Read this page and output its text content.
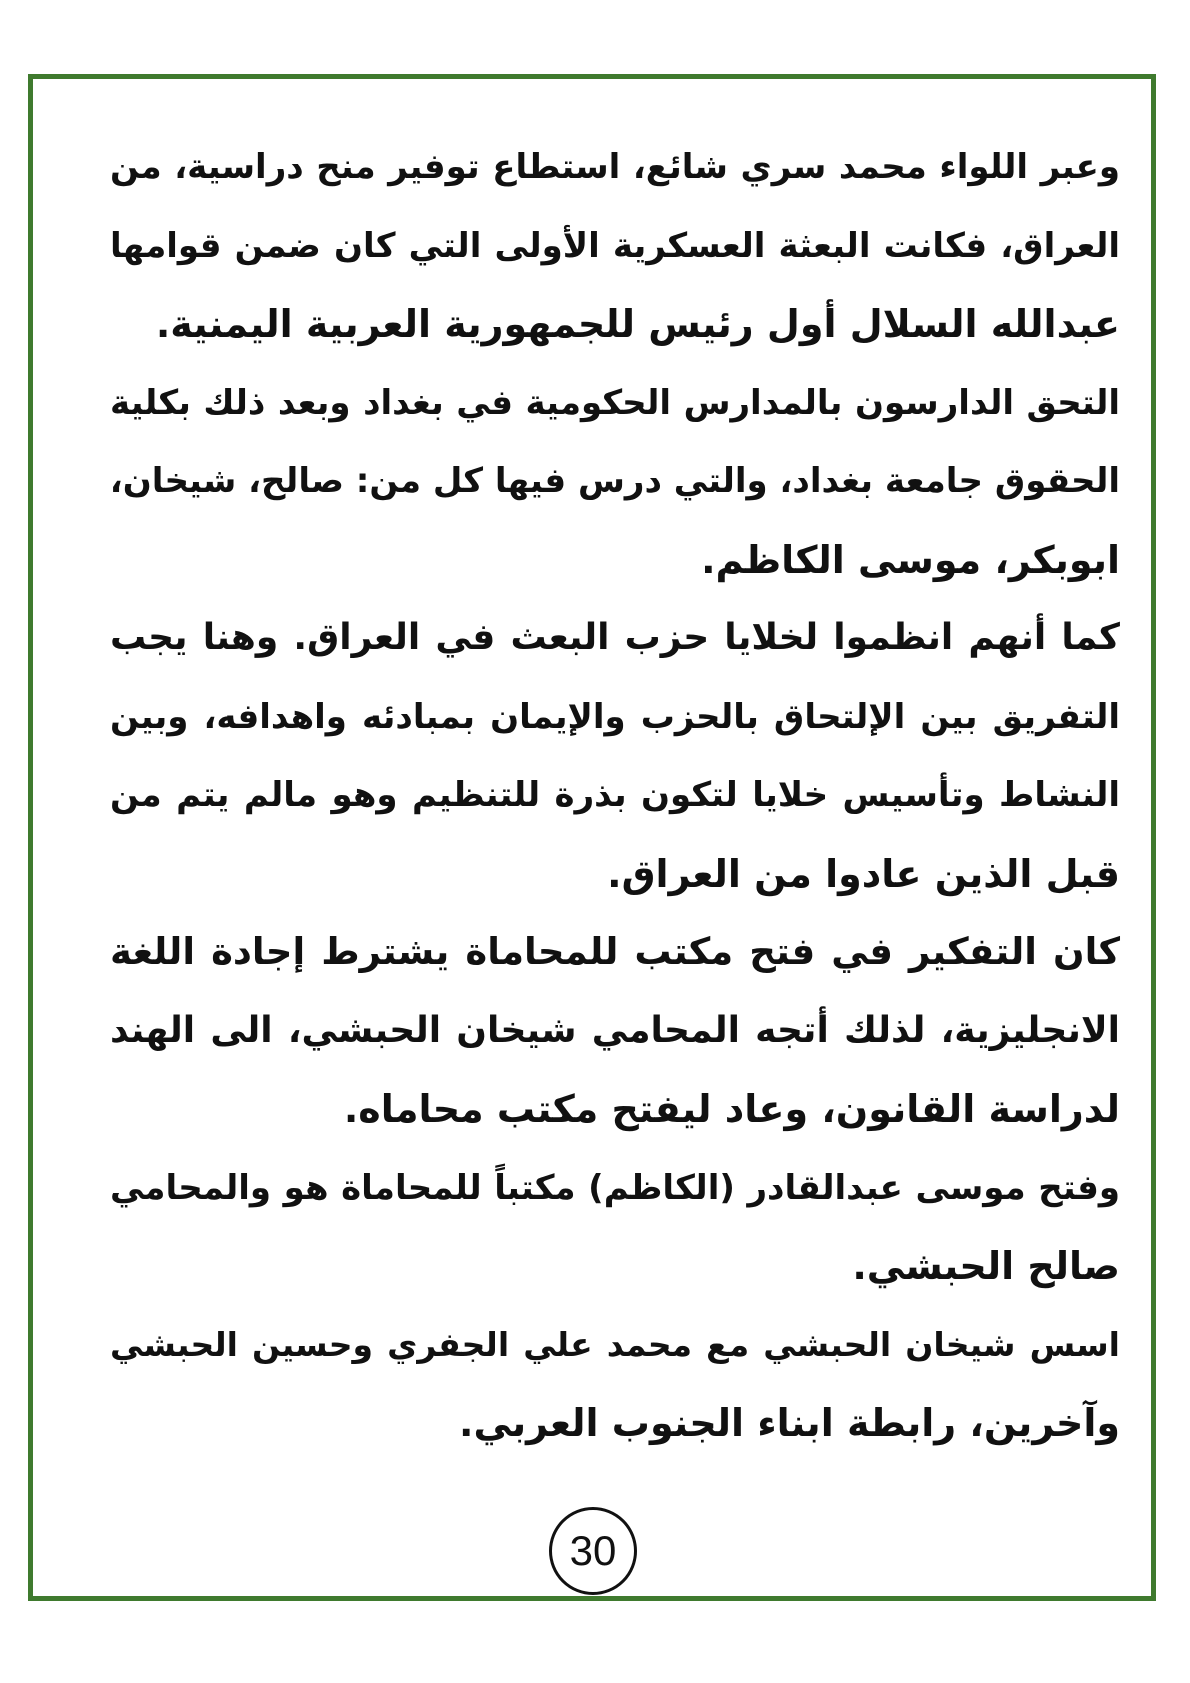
وعبر اللواء محمد سري شائع، استطاع توفير منح دراسية، من
العراق، فكانت البعثة العسكرية الأولى التي كان ضمن قوامها
عبدالله السلال أول رئيس للجمهورية العربية اليمنية.
التحق الدارسون بالمدارس الحكومية في بغداد وبعد ذلك بكلية
الحقوق جامعة بغداد، والتي درس فيها كل من: صالح، شيخان،
ابوبكر، موسى الكاظم.
كما أنهم انظموا لخلايا حزب البعث في العراق. وهنا يجب
التفريق بين الإلتحاق بالحزب والإيمان بمبادئه واهدافه، وبين
النشاط وتأسيس خلايا لتكون بذرة للتنظيم وهو مالم يتم من
قبل الذين عادوا من العراق.
كان التفكير في فتح مكتب للمحاماة يشترط إجادة اللغة
الانجليزية، لذلك أتجه المحامي شيخان الحبشي، الى الهند
لدراسة القانون، وعاد ليفتح مكتب محاماه.
وفتح موسى عبدالقادر (الكاظم) مكتباً للمحاماة هو والمحامي
صالح الحبشي.
اسس شيخان الحبشي مع محمد علي الجفري وحسين الحبشي
وآخرين، رابطة ابناء الجنوب العربي.
30
